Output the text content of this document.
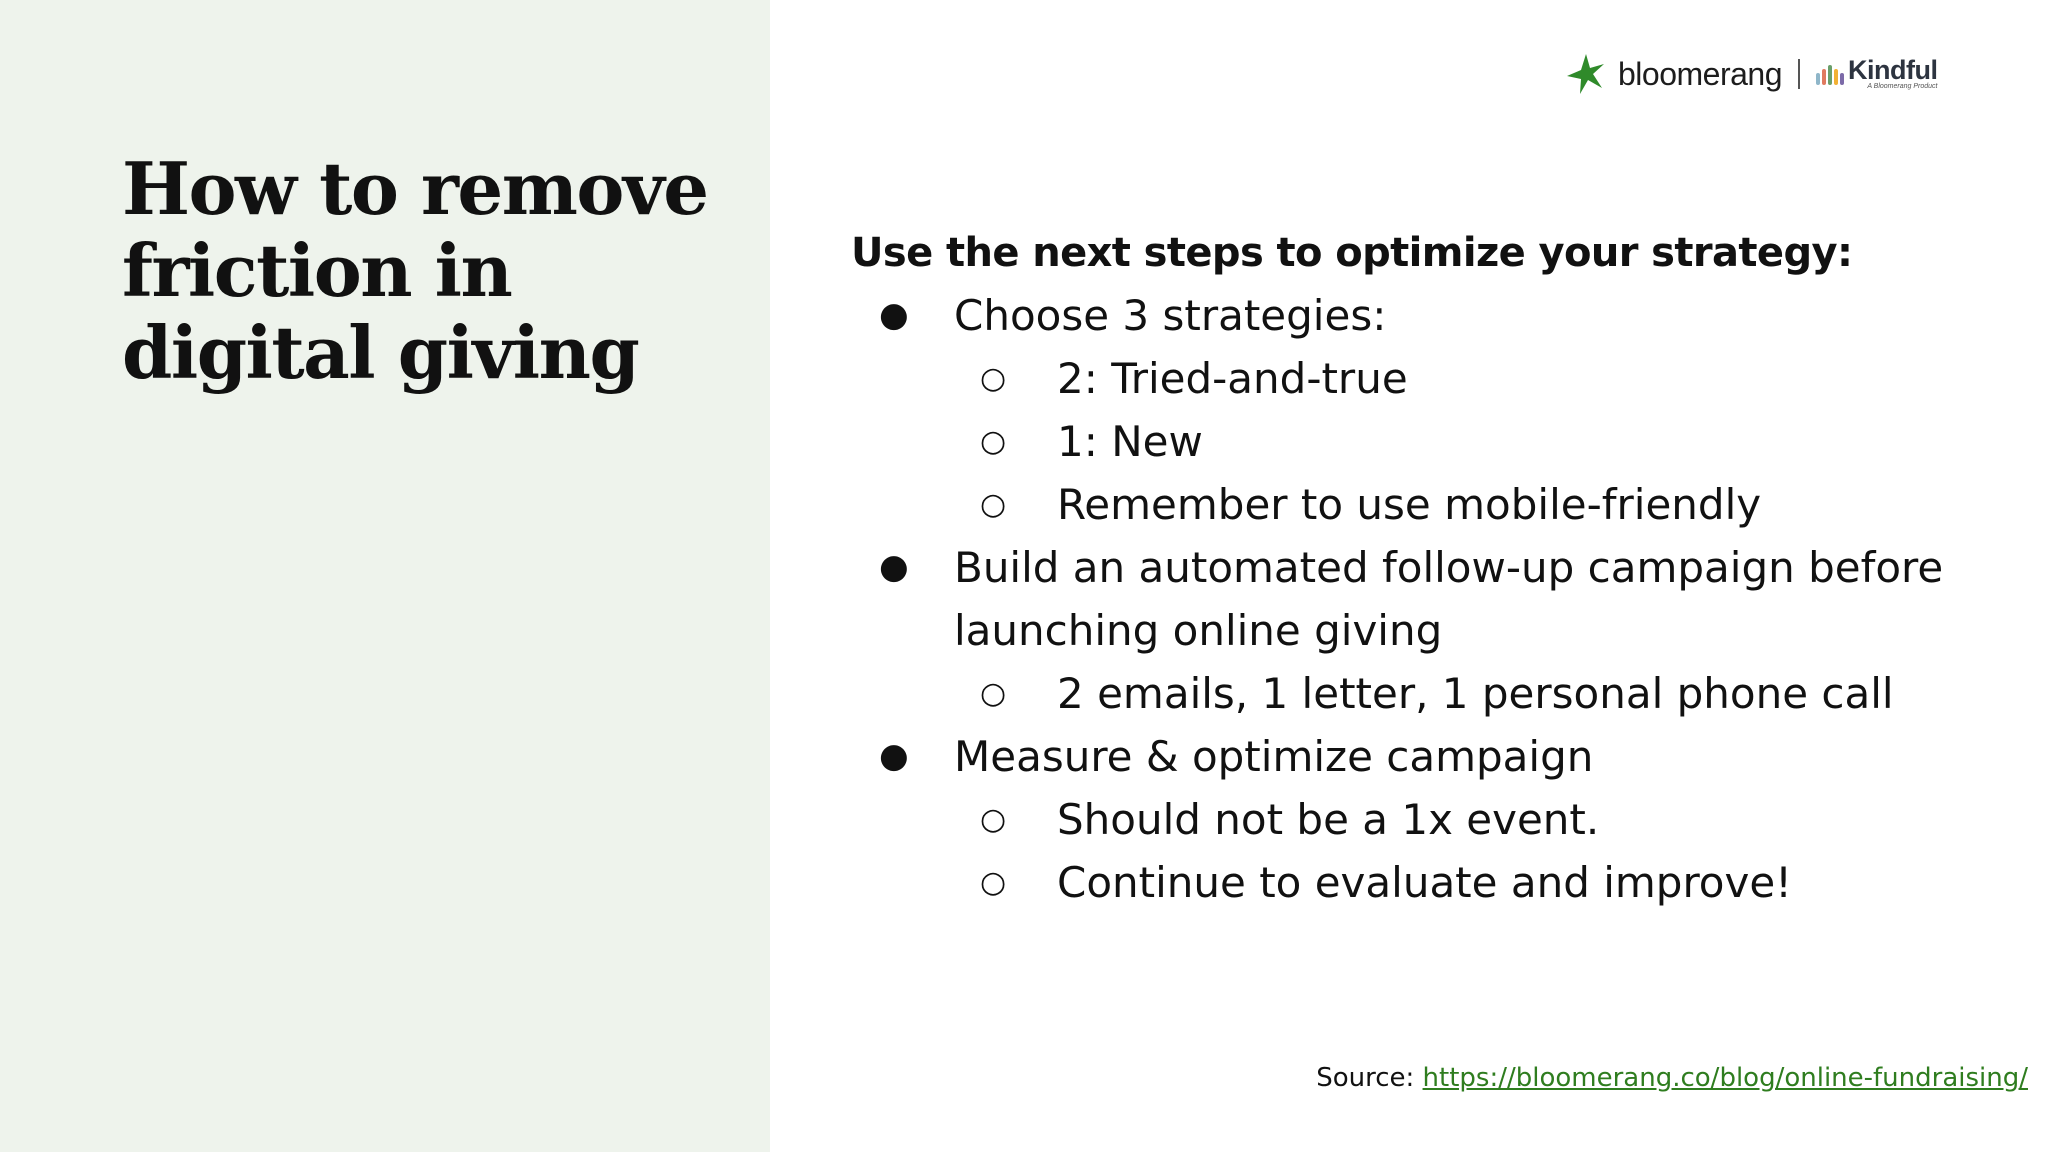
How to remove friction in digital giving
bloomerang Kindful
A Bloomerang Product

Use the next steps to optimize your strategy:

● Choose 3 strategies:
○ 2: Tried-and-true
○ 1: New
○ Remember to use mobile-friendly
● Build an automated follow-up campaign before launching online giving
○ 2 emails, 1 letter, 1 personal phone call
● Measure & optimize campaign
○ Should not be a 1x event.
○ Continue to evaluate and improve!
Source: https://bloomerang.co/blog/online-fundraising/
